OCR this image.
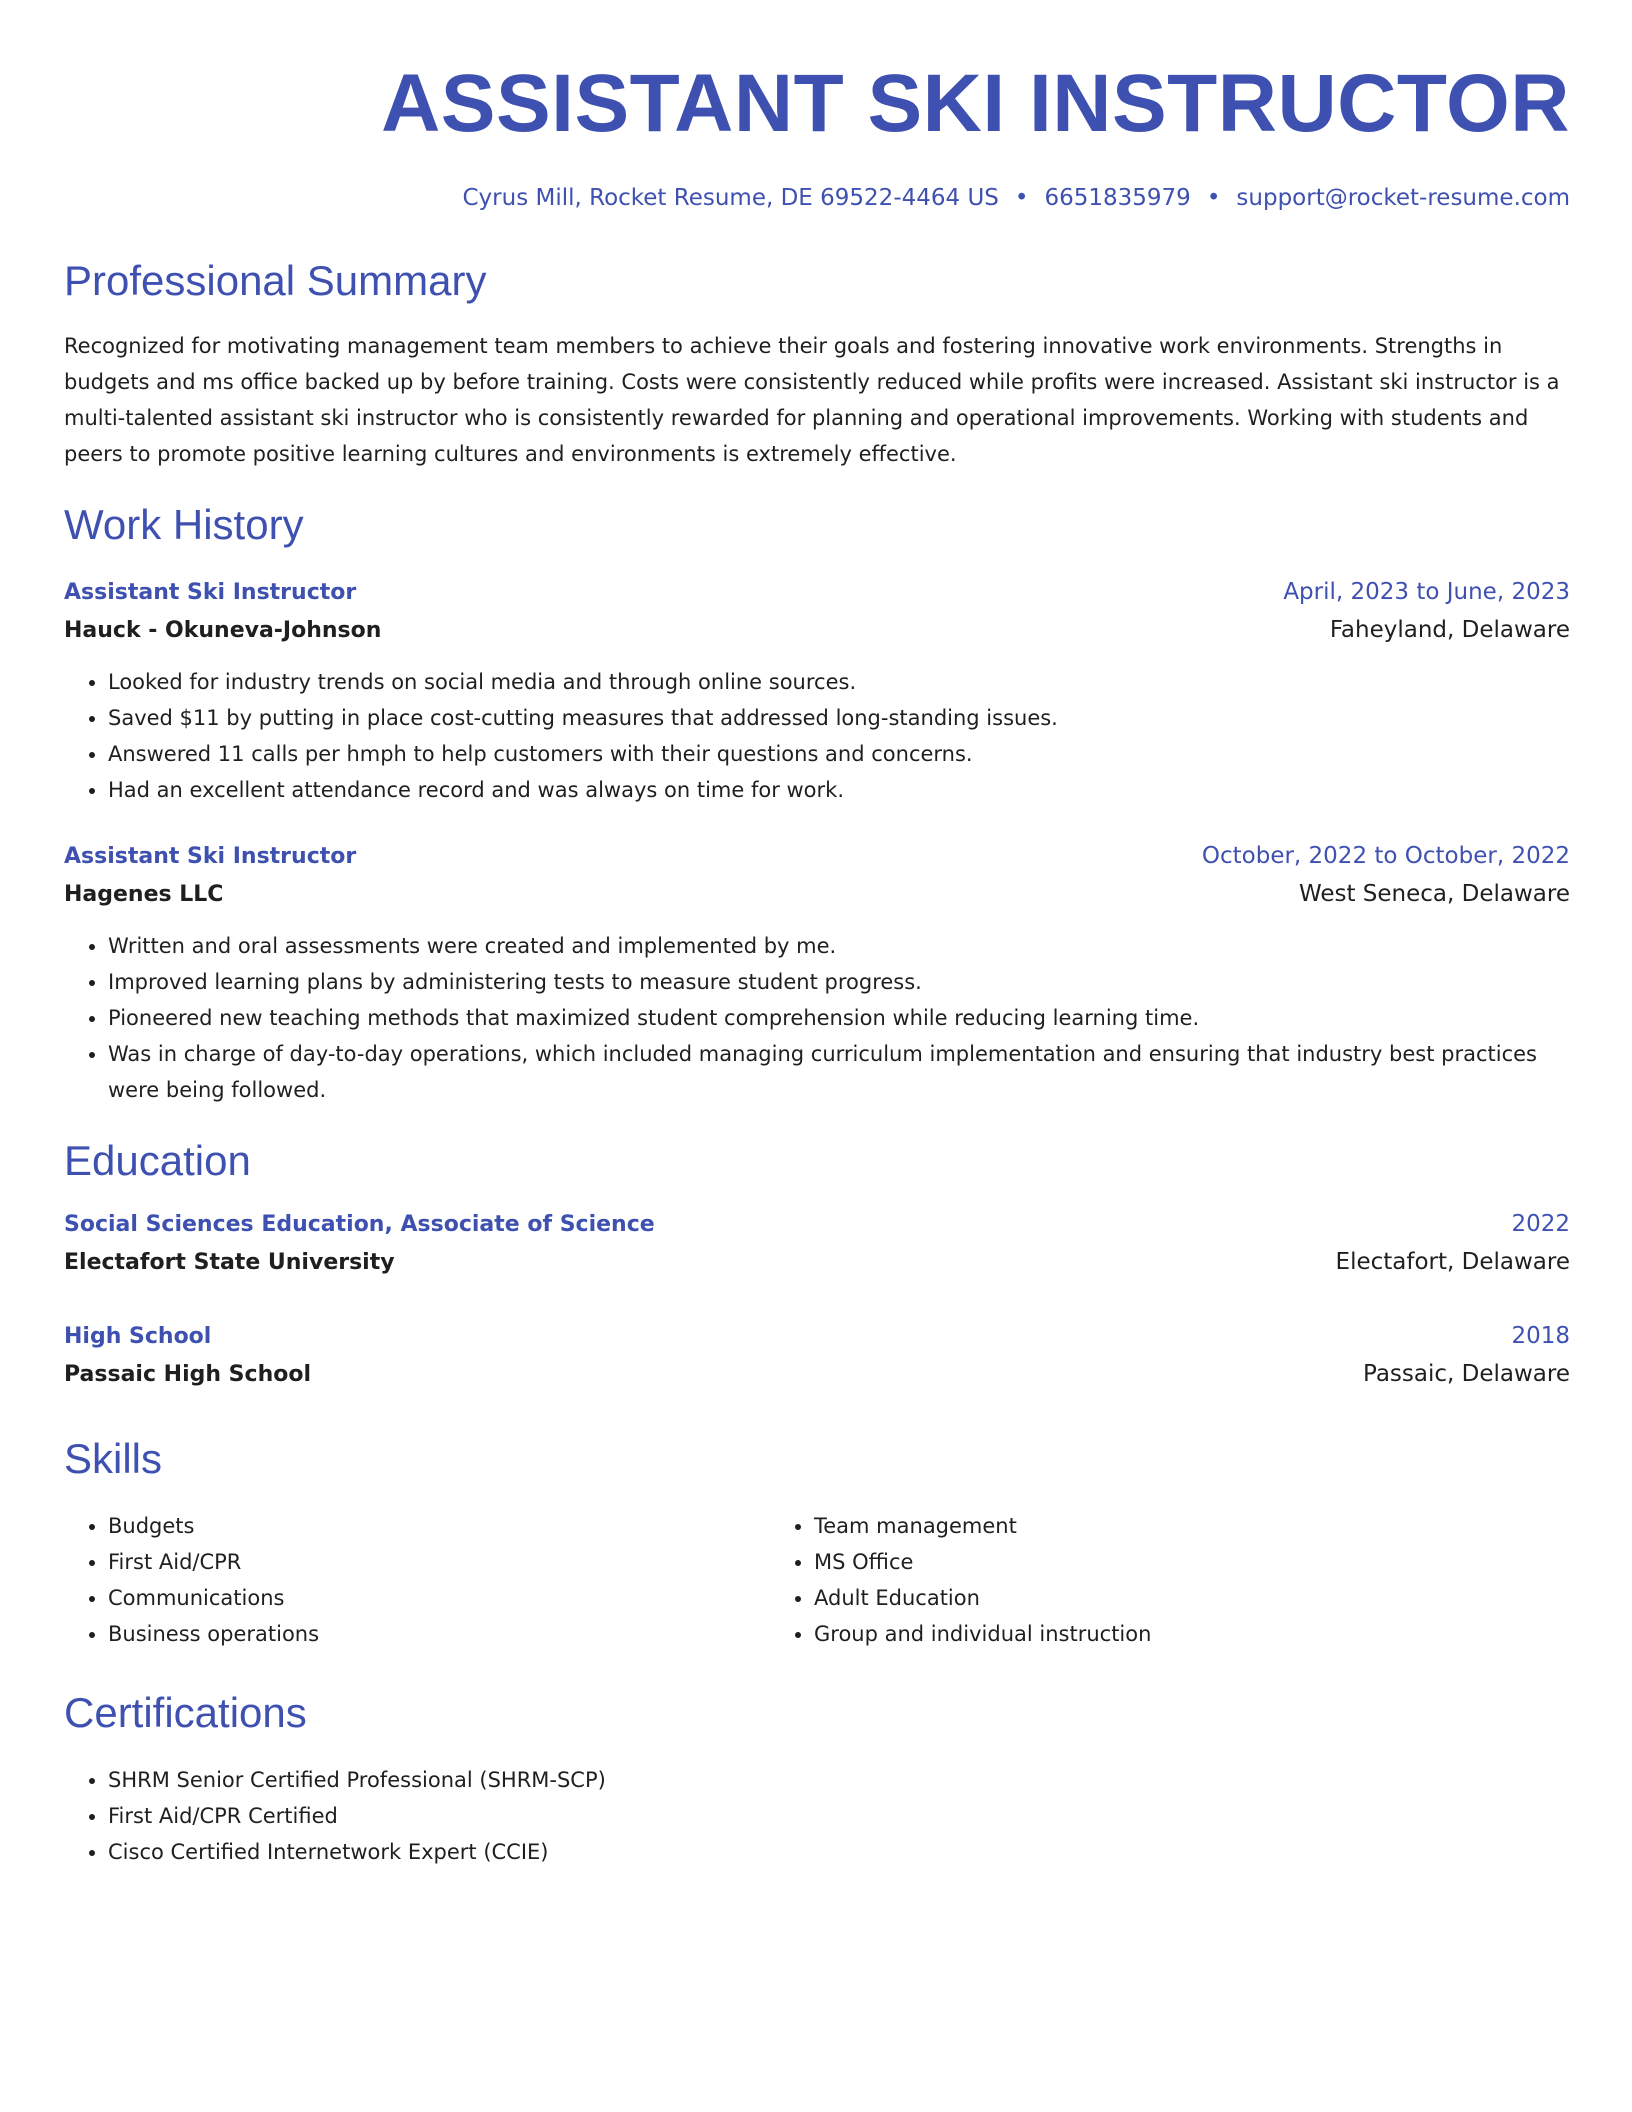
ASSISTANT SKI INSTRUCTOR
Cyrus Mill, Rocket Resume, DE 69522-4464 US • 6651835979 • support@rocket-resume.com
Professional Summary
Recognized for motivating management team members to achieve their goals and fostering innovative work environments. Strengths in budgets and ms office backed up by before training. Costs were consistently reduced while profits were increased. Assistant ski instructor is a multi-talented assistant ski instructor who is consistently rewarded for planning and operational improvements. Working with students and peers to promote positive learning cultures and environments is extremely effective.
Work History
Assistant Ski Instructor	April, 2023 to June, 2023
Hauck - Okuneva-Johnson	Faheyland, Delaware
• Looked for industry trends on social media and through online sources.
• Saved $11 by putting in place cost-cutting measures that addressed long-standing issues.
• Answered 11 calls per hmph to help customers with their questions and concerns.
• Had an excellent attendance record and was always on time for work.
Assistant Ski Instructor	October, 2022 to October, 2022
Hagenes LLC	West Seneca, Delaware
• Written and oral assessments were created and implemented by me.
• Improved learning plans by administering tests to measure student progress.
• Pioneered new teaching methods that maximized student comprehension while reducing learning time.
• Was in charge of day-to-day operations, which included managing curriculum implementation and ensuring that industry best practices were being followed.
Education
Social Sciences Education, Associate of Science	2022
Electafort State University	Electafort, Delaware
High School	2018
Passaic High School	Passaic, Delaware
Skills
• Budgets
• First Aid/CPR
• Communications
• Business operations
• Team management
• MS Office
• Adult Education
• Group and individual instruction
Certifications
• SHRM Senior Certified Professional (SHRM-SCP)
• First Aid/CPR Certified
• Cisco Certified Internetwork Expert (CCIE)
